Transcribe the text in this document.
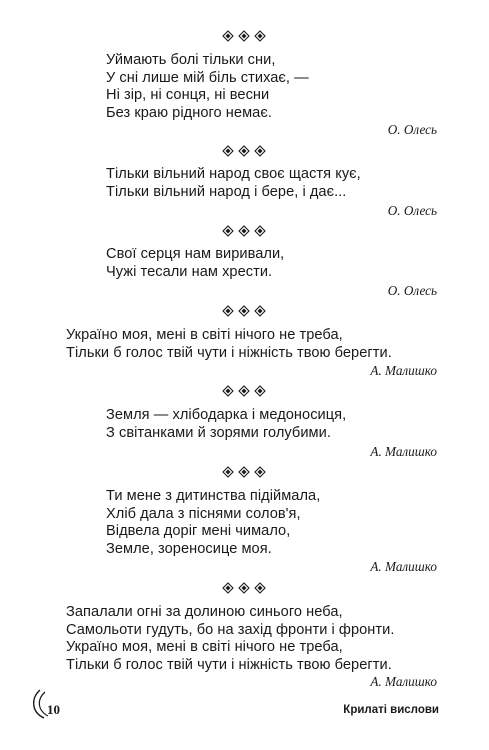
Уймають болі тільки сни,
У сні лише мій біль стихає, —
Ні зір, ні сонця, ні весни
Без краю рідного немає.
О. Олесь
Тільки вільний народ своє щастя кує,
Тільки вільний народ і бере, і дає...
О. Олесь
Свої серця нам виривали,
Чужі тесали нам хрести.
О. Олесь
Україно моя, мені в світі нічого не треба,
Тільки б голос твій чути і ніжність твою берегти.
А. Малишко
Земля — хлібодарка і медоносиця,
З світанками й зорями голубими.
А. Малишко
Ти мене з дитинства підіймала,
Хліб дала з піснями солов'я,
Відвела доріг мені чимало,
Земле, зореносице моя.
А. Малишко
Запалали огні за долиною синього неба,
Самольоти гудуть, бо на захід фронти і фронти.
Україно моя, мені в світі нічого не треба,
Тільки б голос твій чути і ніжність твою берегти.
А. Малишко
10	Крилаті вислови
